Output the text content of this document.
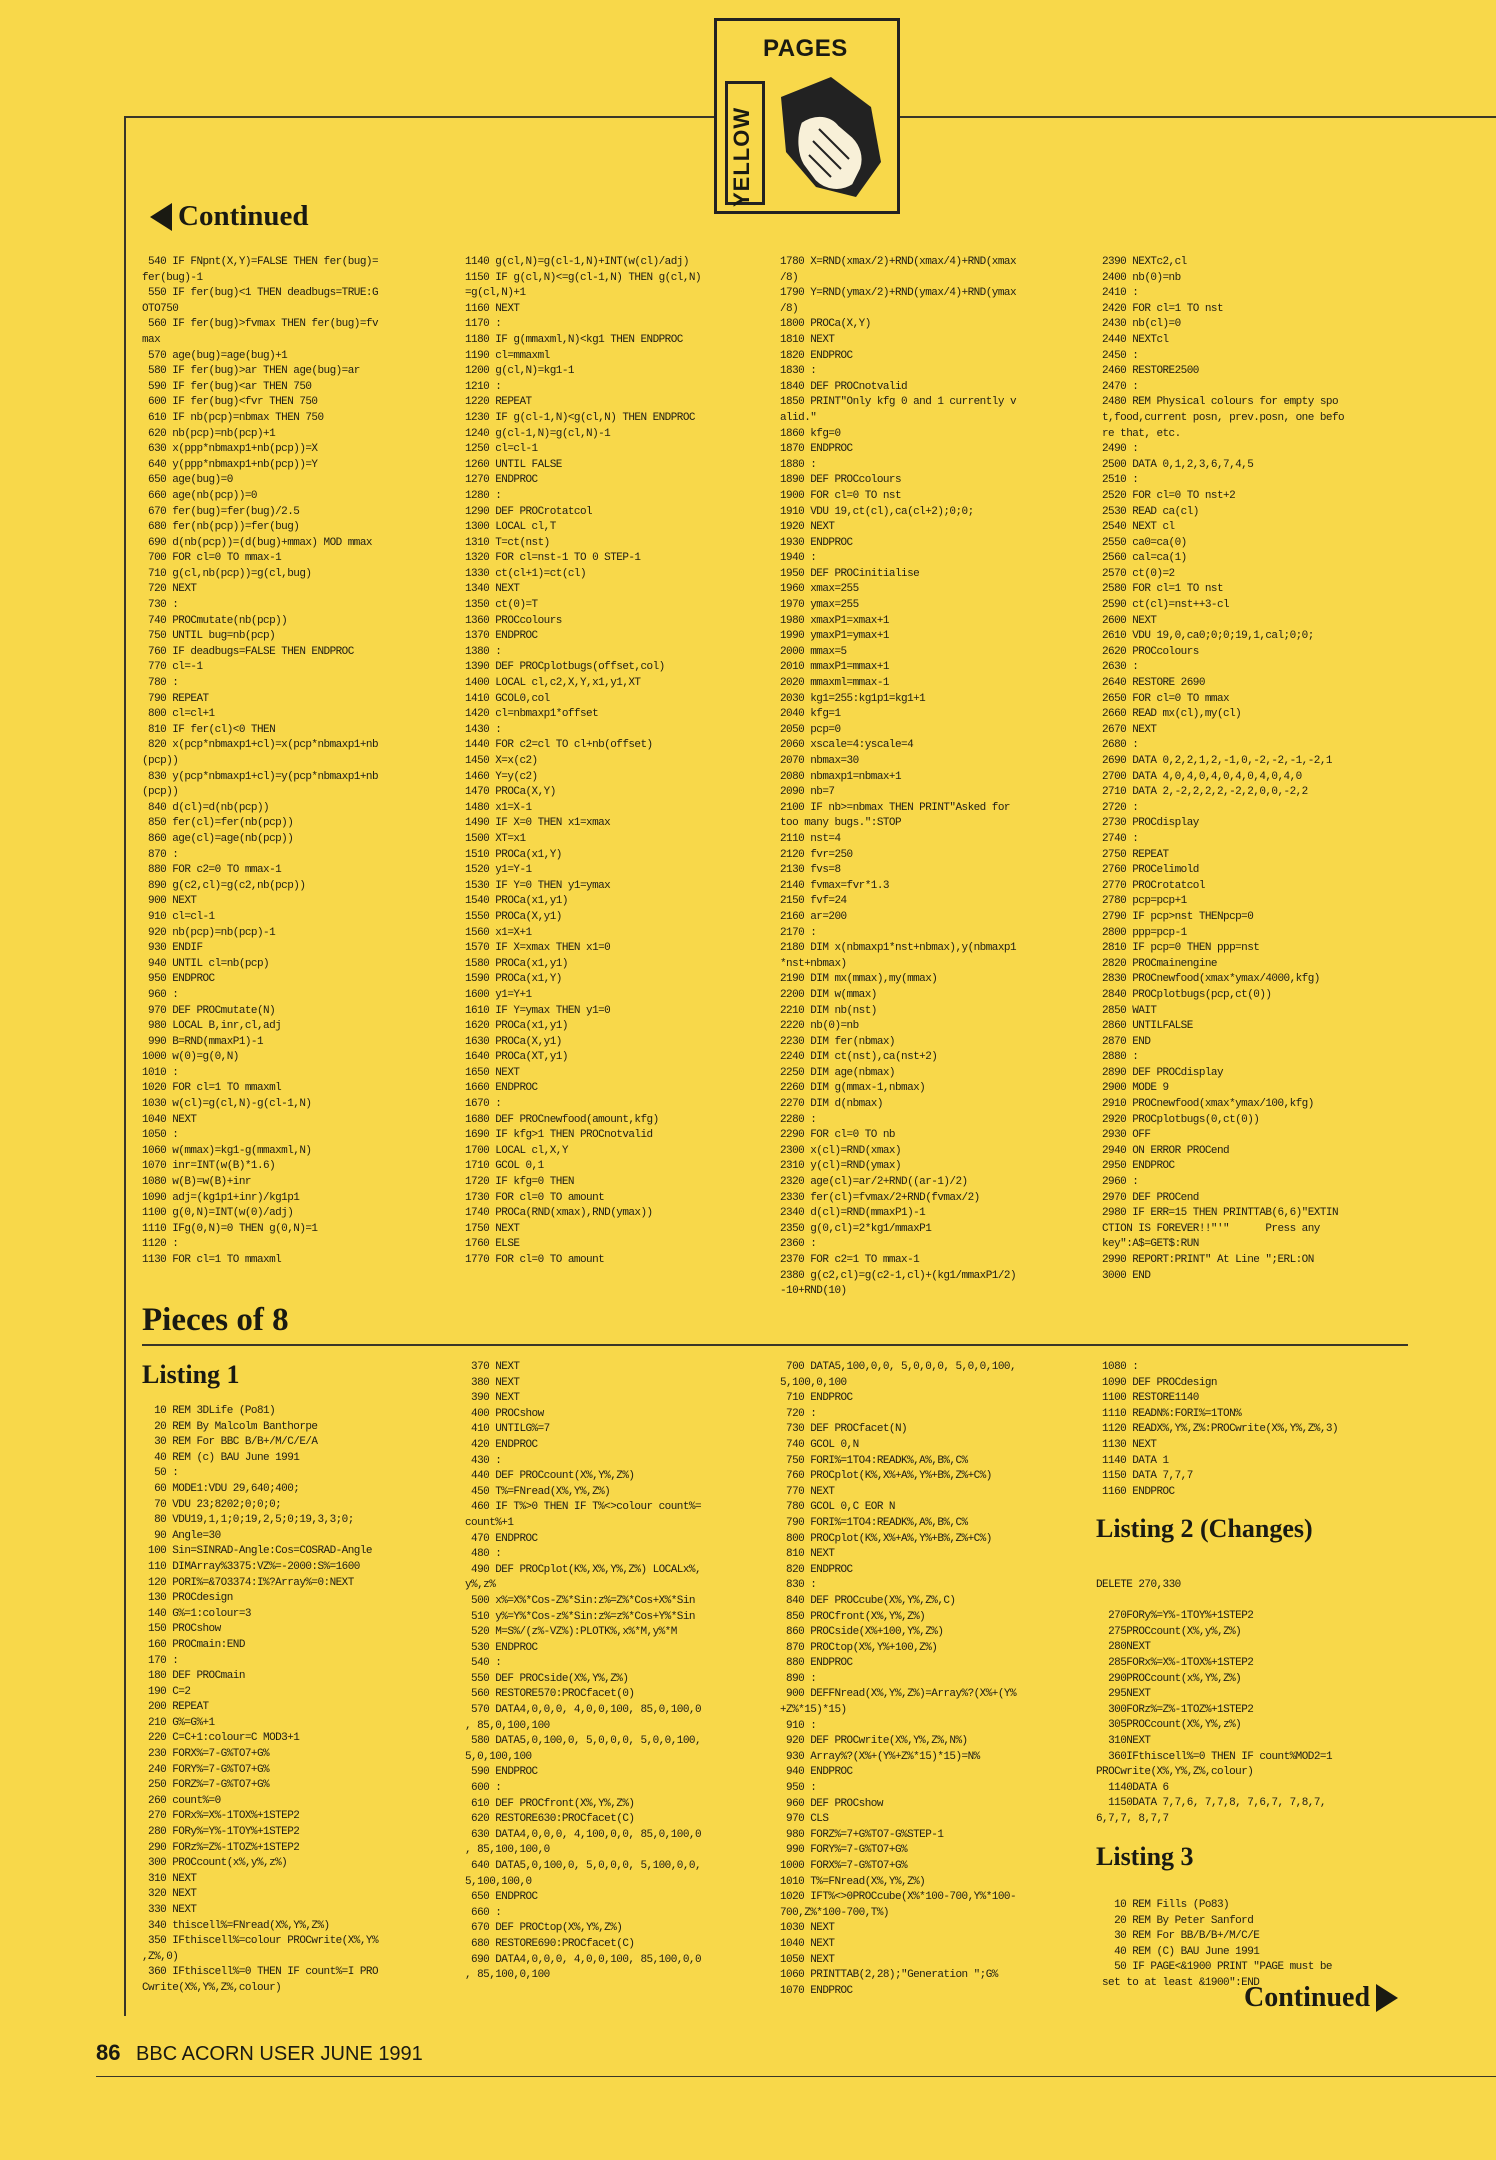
PAGES
YELLOW
Continued
540 IF FNpnt(X,Y)=FALSE THEN fer(bug)=
fer(bug)-1
550 IF fer(bug)<1 THEN deadbugs=TRUE:G
OTO750
560 IF fer(bug)>fvmax THEN fer(bug)=fv
max
570 age(bug)=age(bug)+1
580 IF fer(bug)>ar THEN age(bug)=ar
590 IF fer(bug)<ar THEN 750
600 IF fer(bug)<fvr THEN 750
610 IF nb(pcp)=nbmax THEN 750
620 nb(pcp)=nb(pcp)+1
630 x(ppp*nbmaxp1+nb(pcp))=X
640 y(ppp*nbmaxp1+nb(pcp))=Y
650 age(bug)=0
660 age(nb(pcp))=0
670 fer(bug)=fer(bug)/2.5
680 fer(nb(pcp))=fer(bug)
690 d(nb(pcp))=(d(bug)+mmax) MOD mmax
700 FOR cl=0 TO mmax-1
710 g(cl,nb(pcp))=g(cl,bug)
720 NEXT
730 :
740 PROCmutate(nb(pcp))
750 UNTIL bug=nb(pcp)
760 IF deadbugs=FALSE THEN ENDPROC
770 cl=-1
780 :
790 REPEAT
800 cl=cl+1
810 IF fer(cl)<0 THEN
820 x(pcp*nbmaxp1+cl)=x(pcp*nbmaxp1+nb
(pcp))
830 y(pcp*nbmaxp1+cl)=y(pcp*nbmaxp1+nb
(pcp))
840 d(cl)=d(nb(pcp))
850 fer(cl)=fer(nb(pcp))
860 age(cl)=age(nb(pcp))
870 :
880 FOR c2=0 TO mmax-1
890 g(c2,cl)=g(c2,nb(pcp))
900 NEXT
910 cl=cl-1
920 nb(pcp)=nb(pcp)-1
930 ENDIF
940 UNTIL cl=nb(pcp)
950 ENDPROC
960 :
970 DEF PROCmutate(N)
980 LOCAL B,inr,cl,adj
990 B=RND(mmaxP1)-1
1000 w(0)=g(0,N)
1010 :
1020 FOR cl=1 TO mmaxml
1030 w(cl)=g(cl,N)-g(cl-1,N)
1040 NEXT
1050 :
1060 w(mmax)=kg1-g(mmaxml,N)
1070 inr=INT(w(B)*1.6)
1080 w(B)=w(B)+inr
1090 adj=(kg1p1+inr)/kg1p1
1100 g(0,N)=INT(w(0)/adj)
1110 IFg(0,N)=0 THEN g(0,N)=1
1120 :
1130 FOR cl=1 TO mmaxml
1140 g(cl,N)=g(cl-1,N)+INT(w(cl)/adj)
1150 IF g(cl,N)<=g(cl-1,N) THEN g(cl,N)
=g(cl,N)+1
1160 NEXT
1170 :
1180 IF g(mmaxml,N)<kg1 THEN ENDPROC
1190 cl=mmaxml
1200 g(cl,N)=kg1-1
1210 :
1220 REPEAT
1230 IF g(cl-1,N)<g(cl,N) THEN ENDPROC
1240 g(cl-1,N)=g(cl,N)-1
1250 cl=cl-1
1260 UNTIL FALSE
1270 ENDPROC
1280 :
1290 DEF PROCrotatcol
1300 LOCAL cl,T
1310 T=ct(nst)
1320 FOR cl=nst-1 TO 0 STEP-1
1330 ct(cl+1)=ct(cl)
1340 NEXT
1350 ct(0)=T
1360 PROCcolours
1370 ENDPROC
1380 :
1390 DEF PROCplotbugs(offset,col)
1400 LOCAL cl,c2,X,Y,x1,y1,XT
1410 GCOL0,col
1420 cl=nbmaxp1*offset
1430 :
1440 FOR c2=cl TO cl+nb(offset)
1450 X=x(c2)
1460 Y=y(c2)
1470 PROCa(X,Y)
1480 x1=X-1
1490 IF X=0 THEN x1=xmax
1500 XT=x1
1510 PROCa(x1,Y)
1520 y1=Y-1
1530 IF Y=0 THEN y1=ymax
1540 PROCa(x1,y1)
1550 PROCa(X,y1)
1560 x1=X+1
1570 IF X=xmax THEN x1=0
1580 PROCa(x1,y1)
1590 PROCa(x1,Y)
1600 y1=Y+1
1610 IF Y=ymax THEN y1=0
1620 PROCa(x1,y1)
1630 PROCa(X,y1)
1640 PROCa(XT,y1)
1650 NEXT
1660 ENDPROC
1670 :
1680 DEF PROCnewfood(amount,kfg)
1690 IF kfg>1 THEN PROCnotvalid
1700 LOCAL cl,X,Y
1710 GCOL 0,1
1720 IF kfg=0 THEN
1730 FOR cl=0 TO amount
1740 PROCa(RND(xmax),RND(ymax))
1750 NEXT
1760 ELSE
1770 FOR cl=0 TO amount
1780 X=RND(xmax/2)+RND(xmax/4)+RND(xmax
/8)
1790 Y=RND(ymax/2)+RND(ymax/4)+RND(ymax
/8)
1800 PROCa(X,Y)
1810 NEXT
1820 ENDPROC
1830 :
1840 DEF PROCnotvalid
1850 PRINT"Only kfg 0 and 1 currently v
alid."
1860 kfg=0
1870 ENDPROC
1880 :
1890 DEF PROCcolours
1900 FOR cl=0 TO nst
1910 VDU 19,ct(cl),ca(cl+2);0;0;
1920 NEXT
1930 ENDPROC
1940 :
1950 DEF PROCinitialise
1960 xmax=255
1970 ymax=255
1980 xmaxP1=xmax+1
1990 ymaxP1=ymax+1
2000 mmax=5
2010 mmaxP1=mmax+1
2020 mmaxml=mmax-1
2030 kg1=255:kg1p1=kg1+1
2040 kfg=1
2050 pcp=0
2060 xscale=4:yscale=4
2070 nbmax=30
2080 nbmaxp1=nbmax+1
2090 nb=7
2100 IF nb>=nbmax THEN PRINT"Asked for
too many bugs.":STOP
2110 nst=4
2120 fvr=250
2130 fvs=8
2140 fvmax=fvr*1.3
2150 fvf=24
2160 ar=200
2170 :
2180 DIM x(nbmaxp1*nst+nbmax),y(nbmaxp1
*nst+nbmax)
2190 DIM mx(mmax),my(mmax)
2200 DIM w(mmax)
2210 DIM nb(nst)
2220 nb(0)=nb
2230 DIM fer(nbmax)
2240 DIM ct(nst),ca(nst+2)
2250 DIM age(nbmax)
2260 DIM g(mmax-1,nbmax)
2270 DIM d(nbmax)
2280 :
2290 FOR cl=0 TO nb
2300 x(cl)=RND(xmax)
2310 y(cl)=RND(ymax)
2320 age(cl)=ar/2+RND((ar-1)/2)
2330 fer(cl)=fvmax/2+RND(fvmax/2)
2340 d(cl)=RND(mmaxP1)-1
2350 g(0,cl)=2*kg1/mmaxP1
2360 :
2370 FOR c2=1 TO mmax-1
2380 g(c2,cl)=g(c2-1,cl)+(kg1/mmaxP1/2)
-10+RND(10)
2390 NEXTc2,cl
2400 nb(0)=nb
2410 :
2420 FOR cl=1 TO nst
2430 nb(cl)=0
2440 NEXTcl
2450 :
2460 RESTORE2500
2470 :
2480 REM Physical colours for empty spo
t,food,current posn, prev.posn, one befo
re that, etc.
2490 :
2500 DATA 0,1,2,3,6,7,4,5
2510 :
2520 FOR cl=0 TO nst+2
2530 READ ca(cl)
2540 NEXT cl
2550 ca0=ca(0)
2560 cal=ca(1)
2570 ct(0)=2
2580 FOR cl=1 TO nst
2590 ct(cl)=nst++3-cl
2600 NEXT
2610 VDU 19,0,ca0;0;0;19,1,cal;0;0;
2620 PROCcolours
2630 :
2640 RESTORE 2690
2650 FOR cl=0 TO mmax
2660 READ mx(cl),my(cl)
2670 NEXT
2680 :
2690 DATA 0,2,2,1,2,-1,0,-2,-2,-1,-2,1
2700 DATA 4,0,4,0,4,0,4,0,4,0,4,0
2710 DATA 2,-2,2,2,2,-2,2,0,0,-2,2
2720 :
2730 PROCdisplay
2740 :
2750 REPEAT
2760 PROCelimold
2770 PROCrotatcol
2780 pcp=pcp+1
2790 IF pcp>nst THENpcp=0
2800 ppp=pcp-1
2810 IF pcp=0 THEN ppp=nst
2820 PROCmainengine
2830 PROCnewfood(xmax*ymax/4000,kfg)
2840 PROCplotbugs(pcp,ct(0))
2850 WAIT
2860 UNTILFALSE
2870 END
2880 :
2890 DEF PROCdisplay
2900 MODE 9
2910 PROCnewfood(xmax*ymax/100,kfg)
2920 PROCplotbugs(0,ct(0))
2930 OFF
2940 ON ERROR PROCend
2950 ENDPROC
2960 :
2970 DEF PROCend
2980 IF ERR=15 THEN PRINTTAB(6,6)"EXTIN
CTION IS FOREVER!!"'"      Press any
key":A$=GET$:RUN
2990 REPORT:PRINT" At Line ";ERL:ON
3000 END
Pieces of 8
Listing 1
10 REM 3DLife (Po81)
20 REM By Malcolm Banthorpe
30 REM For BBC B/B+/M/C/E/A
40 REM (c) BAU June 1991
50 :
60 MODE1:VDU 29,640;400;
70 VDU 23;8202;0;0;0;
80 VDU19,1,1;0;19,2,5;0;19,3,3;0;
90 Angle=30
100 Sin=SINRAD-Angle:Cos=COSRAD-Angle
110 DIMArray%3375:VZ%=-2000:S%=1600
120 PORI%=&7O3374:I%?Array%=0:NEXT
130 PROCdesign
140 G%=1:colour=3
150 PROCshow
160 PROCmain:END
170 :
180 DEF PROCmain
190 C=2
200 REPEAT
210 G%=G%+1
220 C=C+1:colour=C MOD3+1
230 FORX%=7-G%TO7+G%
240 FORY%=7-G%TO7+G%
250 FORZ%=7-G%TO7+G%
260 count%=0
270 FORx%=X%-1TOX%+1STEP2
280 FORy%=Y%-1TOY%+1STEP2
290 FORz%=Z%-1TOZ%+1STEP2
300 PROCcount(x%,y%,z%)
310 NEXT
320 NEXT
330 NEXT
340 thiscell%=FNread(X%,Y%,Z%)
350 IFthiscell%=colour PROCwrite(X%,Y%
,Z%,0)
360 IFthiscell%=0 THEN IF count%=I PRO
Cwrite(X%,Y%,Z%,colour)
370 NEXT
380 NEXT
390 NEXT
400 PROCshow
410 UNTILG%=7
420 ENDPROC
430 :
440 DEF PROCcount(X%,Y%,Z%)
450 T%=FNread(X%,Y%,Z%)
460 IF T%>0 THEN IF T%<>colour count%=
count%+1
470 ENDPROC
480 :
490 DEF PROCplot(K%,X%,Y%,Z%) LOCALx%,
y%,z%
500 x%=X%*Cos-Z%*Sin:z%=Z%*Cos+X%*Sin
510 y%=Y%*Cos-z%*Sin:z%=z%*Cos+Y%*Sin
520 M=S%/(z%-VZ%):PLOTK%,x%*M,y%*M
530 ENDPROC
540 :
550 DEF PROCside(X%,Y%,Z%)
560 RESTORE570:PROCfacet(0)
570 DATA4,0,0,0, 4,0,0,100, 85,0,100,0
, 85,0,100,100
580 DATA5,0,100,0, 5,0,0,0, 5,0,0,100,
5,0,100,100
590 ENDPROC
600 :
610 DEF PROCfront(X%,Y%,Z%)
620 RESTORE630:PROCfacet(C)
630 DATA4,0,0,0, 4,100,0,0, 85,0,100,0
, 85,100,100,0
640 DATA5,0,100,0, 5,0,0,0, 5,100,0,0,
5,100,100,0
650 ENDPROC
660 :
670 DEF PROCtop(X%,Y%,Z%)
680 RESTORE690:PROCfacet(C)
690 DATA4,0,0,0, 4,0,0,100, 85,100,0,0
, 85,100,0,100
700 DATA5,100,0,0, 5,0,0,0, 5,0,0,100,
5,100,0,100
710 ENDPROC
720 :
730 DEF PROCfacet(N)
740 GCOL 0,N
750 FORI%=1TO4:READK%,A%,B%,C%
760 PROCplot(K%,X%+A%,Y%+B%,Z%+C%)
770 NEXT
780 GCOL 0,C EOR N
790 FORI%=1TO4:READK%,A%,B%,C%
800 PROCplot(K%,X%+A%,Y%+B%,Z%+C%)
810 NEXT
820 ENDPROC
830 :
840 DEF PROCcube(X%,Y%,Z%,C)
850 PROCfront(X%,Y%,Z%)
860 PROCside(X%+100,Y%,Z%)
870 PROCtop(X%,Y%+100,Z%)
880 ENDPROC
890 :
900 DEFFNread(X%,Y%,Z%)=Array%?(X%+(Y%
+Z%*15)*15)
910 :
920 DEF PROCwrite(X%,Y%,Z%,N%)
930 Array%?(X%+(Y%+Z%*15)*15)=N%
940 ENDPROC
950 :
960 DEF PROCshow
970 CLS
980 FORZ%=7+G%TO7-G%STEP-1
990 FORY%=7-G%TO7+G%
1000 FORX%=7-G%TO7+G%
1010 T%=FNread(X%,Y%,Z%)
1020 IFT%<>0PROCcube(X%*100-700,Y%*100-
700,Z%*100-700,T%)
1030 NEXT
1040 NEXT
1050 NEXT
1060 PRINTTAB(2,28);"Generation ";G%
1070 ENDPROC
1080 :
1090 DEF PROCdesign
1100 RESTORE1140
1110 READN%:FORI%=1TON%
1120 READX%,Y%,Z%:PROCwrite(X%,Y%,Z%,3)
1130 NEXT
1140 DATA 1
1150 DATA 7,7,7
1160 ENDPROC
Listing 2 (Changes)
DELETE 270,330

270FORy%=Y%-1TOY%+1STEP2
275PROCcount(X%,y%,Z%)
280NEXT
285FORx%=X%-1TOX%+1STEP2
290PROCcount(x%,Y%,Z%)
295NEXT
300FORz%=Z%-1TOZ%+1STEP2
305PROCcount(X%,Y%,z%)
310NEXT
360IFthiscell%=0 THEN IF count%MOD2=1
PROCwrite(X%,Y%,Z%,colour)
1140DATA 6
1150DATA 7,7,6, 7,7,8, 7,6,7, 7,8,7,
6,7,7, 8,7,7
Listing 3
10 REM Fills (Po83)
20 REM By Peter Sanford
30 REM For BB/B/B+/M/C/E
40 REM (C) BAU June 1991
50 IF PAGE<&1900 PRINT "PAGE must be
set to at least &1900":END
Continued
86 BBC ACORN USER JUNE 1991
